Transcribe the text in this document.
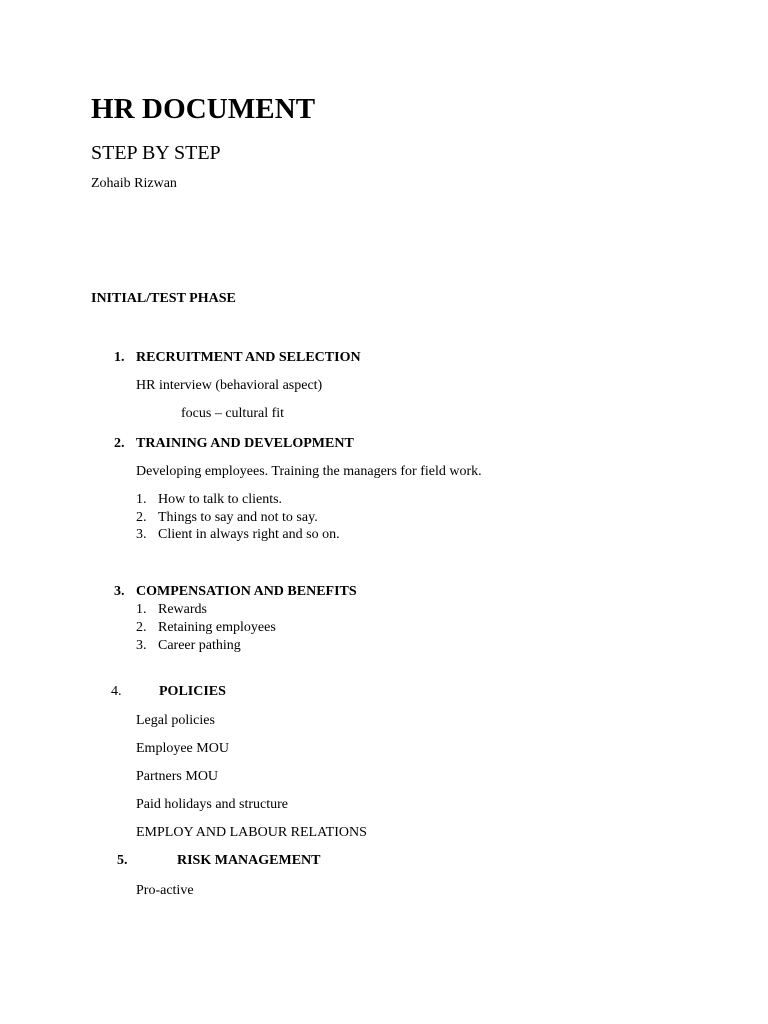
HR DOCUMENT
STEP BY STEP
Zohaib Rizwan
INITIAL/TEST PHASE
1. RECRUITMENT AND SELECTION
HR interview (behavioral aspect)
focus – cultural fit
2. TRAINING AND DEVELOPMENT
Developing employees. Training the managers for field work.
1. How to talk to clients.
2. Things to say and not to say.
3. Client in always right and so on.
3. COMPENSATION AND BENEFITS
1. Rewards
2. Retaining employees
3. Career pathing
4.	POLICIES
Legal policies
Employee MOU
Partners MOU
Paid holidays and structure
EMPLOY AND LABOUR RELATIONS
5.	RISK MANAGEMENT
Pro-active
